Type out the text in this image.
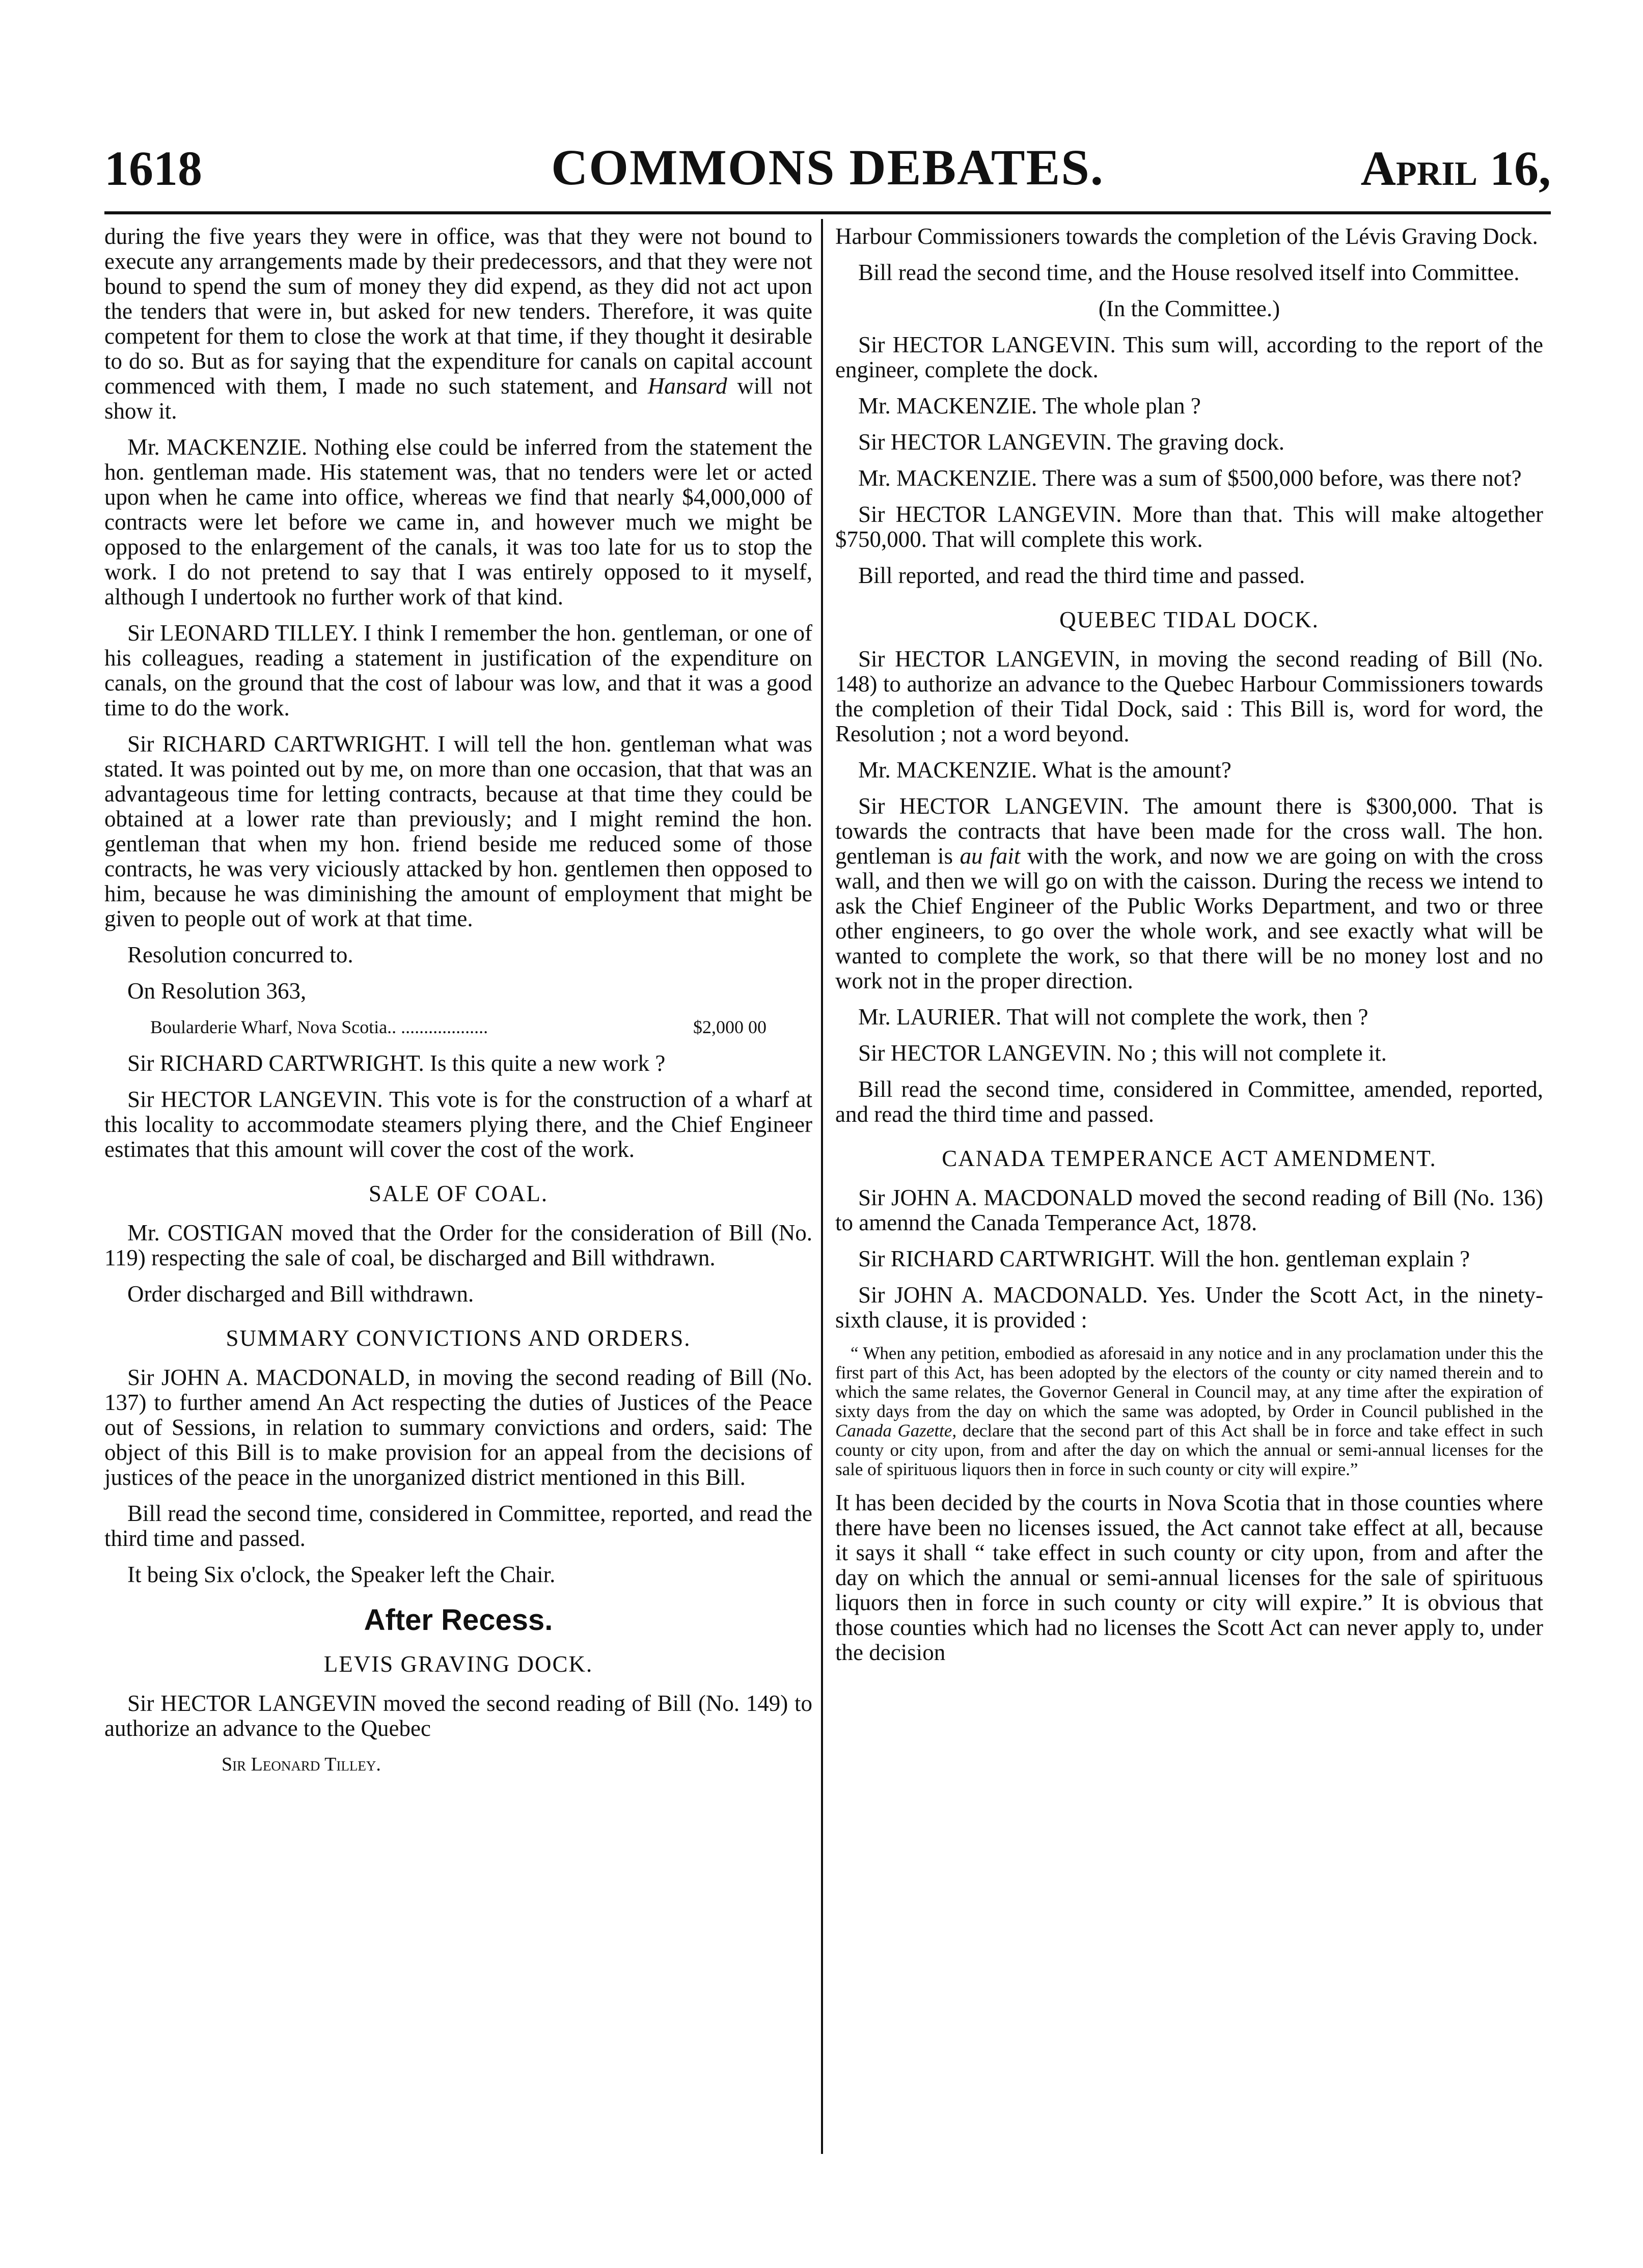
1618	COMMONS DEBATES.	April 16,

during the five years they were in office, was that they were not bound to execute any arrangements made by their predecessors, and that they were not bound to spend the sum of money they did expend, as they did not act upon the tenders that were in, but asked for new tenders. Therefore, it was quite competent for them to close the work at that time, if they thought it desirable to do so. But as for saying that the expenditure for canals on capital account commenced with them, I made no such statement, and Hansard will not show it.

Mr. MACKENZIE. Nothing else could be inferred from the statement the hon. gentleman made. His statement was, that no tenders were let or acted upon when he came into office, whereas we find that nearly $4,000,000 of contracts were let before we came in, and however much we might be opposed to the enlargement of the canals, it was too late for us to stop the work. I do not pretend to say that I was entirely opposed to it myself, although I undertook no further work of that kind.

Sir LEONARD TILLEY. I think I remember the hon. gentleman, or one of his colleagues, reading a statement in justification of the expenditure on canals, on the ground that the cost of labour was low, and that it was a good time to do the work.

Sir RICHARD CARTWRIGHT. I will tell the hon. gentleman what was stated. It was pointed out by me, on more than one occasion, that that was an advantageous time for letting contracts, because at that time they could be obtained at a lower rate than previously; and I might remind the hon. gentleman that when my hon. friend beside me reduced some of those contracts, he was very viciously attacked by hon. gentlemen then opposed to him, because he was diminishing the amount of employment that might be given to people out of work at that time.

Resolution concurred to.

On Resolution 363,

Boularderie Wharf, Nova Scotia.. ...................	$2,000 00

Sir RICHARD CARTWRIGHT. Is this quite a new work ?

Sir HECTOR LANGEVIN. This vote is for the construction of a wharf at this locality to accommodate steamers plying there, and the Chief Engineer estimates that this amount will cover the cost of the work.

SALE OF COAL.

Mr. COSTIGAN moved that the Order for the consideration of Bill (No. 119) respecting the sale of coal, be discharged and Bill withdrawn.

Order discharged and Bill withdrawn.

SUMMARY CONVICTIONS AND ORDERS.

Sir JOHN A. MACDONALD, in moving the second reading of Bill (No. 137) to further amend An Act respecting the duties of Justices of the Peace out of Sessions, in relation to summary convictions and orders, said: The object of this Bill is to make provision for an appeal from the decisions of justices of the peace in the unorganized district mentioned in this Bill.

Bill read the second time, considered in Committee, reported, and read the third time and passed.

It being Six o'clock, the Speaker left the Chair.

After Recess.

LEVIS GRAVING DOCK.

Sir HECTOR LANGEVIN moved the second reading of Bill (No. 149) to authorize an advance to the Quebec

Sir Leonard Tilley.

Harbour Commissioners towards the completion of the Lévis Graving Dock.

Bill read the second time, and the House resolved itself into Committee.

(In the Committee.)

Sir HECTOR LANGEVIN. This sum will, according to the report of the engineer, complete the dock.

Mr. MACKENZIE. The whole plan ?

Sir HECTOR LANGEVIN. The graving dock.

Mr. MACKENZIE. There was a sum of $500,000 before, was there not?

Sir HECTOR LANGEVIN. More than that. This will make altogether $750,000. That will complete this work.

Bill reported, and read the third time and passed.

QUEBEC TIDAL DOCK.

Sir HECTOR LANGEVIN, in moving the second reading of Bill (No. 148) to authorize an advance to the Quebec Harbour Commissioners towards the completion of their Tidal Dock, said : This Bill is, word for word, the Resolution ; not a word beyond.

Mr. MACKENZIE. What is the amount?

Sir HECTOR LANGEVIN. The amount there is $300,000. That is towards the contracts that have been made for the cross wall. The hon. gentleman is au fait with the work, and now we are going on with the cross wall, and then we will go on with the caisson. During the recess we intend to ask the Chief Engineer of the Public Works Department, and two or three other engineers, to go over the whole work, and see exactly what will be wanted to complete the work, so that there will be no money lost and no work not in the proper direction.

Mr. LAURIER. That will not complete the work, then ?

Sir HECTOR LANGEVIN. No ; this will not complete it.

Bill read the second time, considered in Committee, amended, reported, and read the third time and passed.

CANADA TEMPERANCE ACT AMENDMENT.

Sir JOHN A. MACDONALD moved the second reading of Bill (No. 136) to amennd the Canada Temperance Act, 1878.

Sir RICHARD CARTWRIGHT. Will the hon. gentleman explain ?

Sir JOHN A. MACDONALD. Yes. Under the Scott Act, in the ninety-sixth clause, it is provided :

“ When any petition, embodied as aforesaid in any notice and in any proclamation under this the first part of this Act, has been adopted by the electors of the county or city named therein and to which the same relates, the Governor General in Council may, at any time after the expiration of sixty days from the day on which the same was adopted, by Order in Council published in the Canada Gazette, declare that the second part of this Act shall be in force and take effect in such county or city upon, from and after the day on which the annual or semi-annual licenses for the sale of spirituous liquors then in force in such county or city will expire.”

It has been decided by the courts in Nova Scotia that in those counties where there have been no licenses issued, the Act cannot take effect at all, because it says it shall “ take effect in such county or city upon, from and after the day on which the annual or semi-annual licenses for the sale of spirituous liquors then in force in such county or city will expire.” It is obvious that those counties which had no licenses the Scott Act can never apply to, under the decision
